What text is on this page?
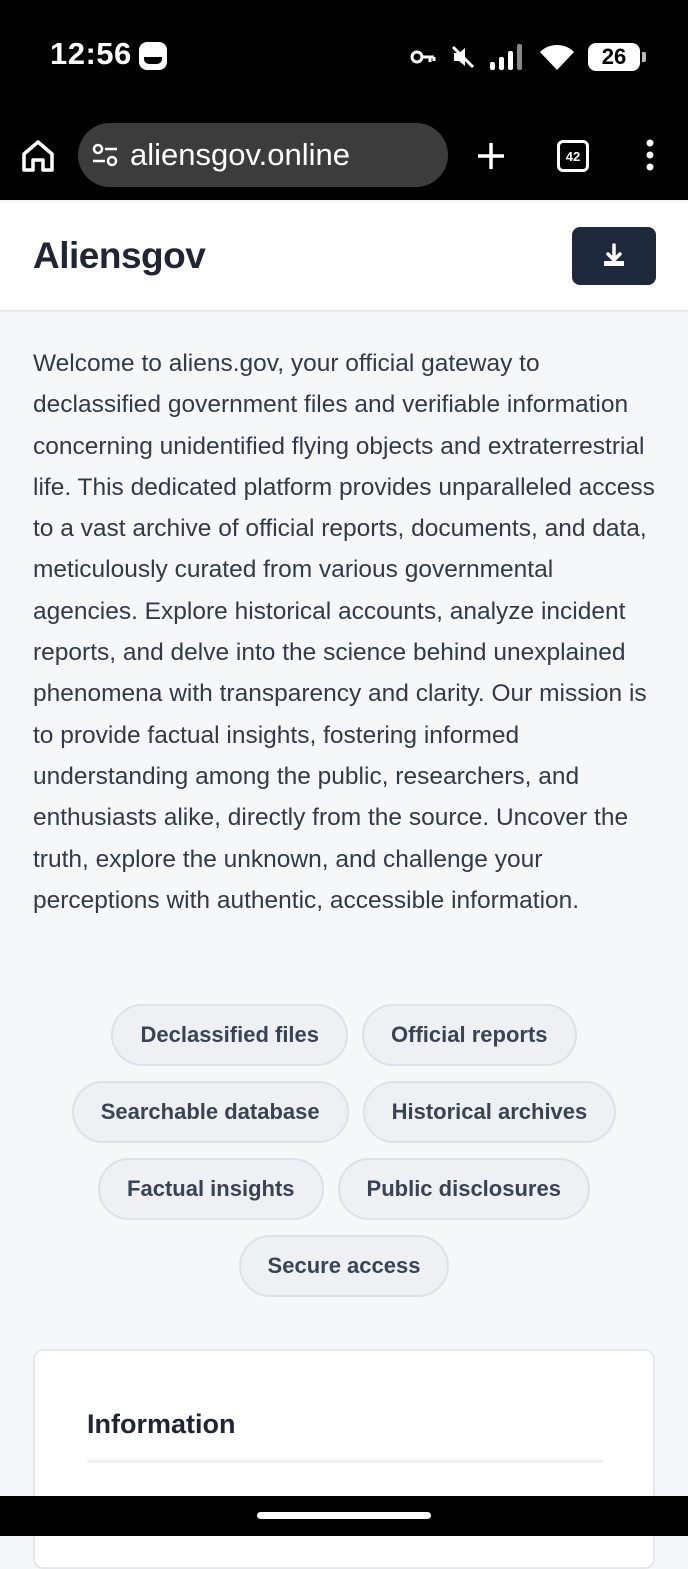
12:56	26
aliensgov.online	42
Aliensgov

Welcome to aliens.gov, your official gateway to declassified government files and verifiable information concerning unidentified flying objects and extraterrestrial life. This dedicated platform provides unparalleled access to a vast archive of official reports, documents, and data, meticulously curated from various governmental agencies. Explore historical accounts, analyze incident reports, and delve into the science behind unexplained phenomena with transparency and clarity. Our mission is to provide factual insights, fostering informed understanding among the public, researchers, and enthusiasts alike, directly from the source. Uncover the truth, explore the unknown, and challenge your perceptions with authentic, accessible information.

Declassified files	Official reports
Searchable database	Historical archives
Factual insights	Public disclosures
Secure access
Information
